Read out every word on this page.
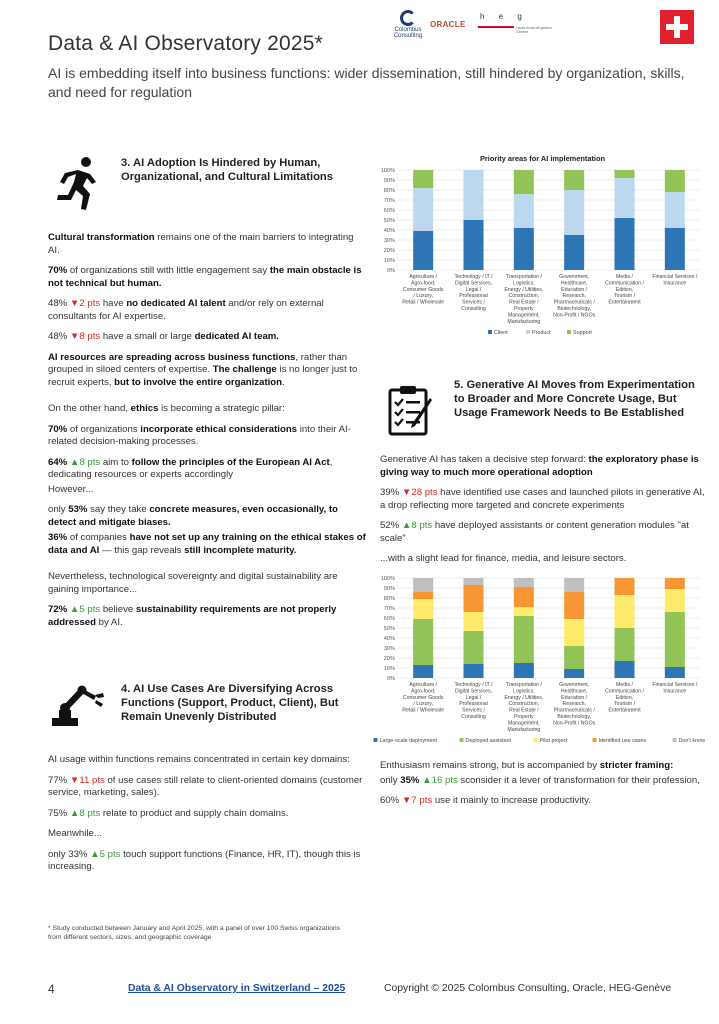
Colombus
Consulting
ORACLE
h e g
Haute école de gestion Genève
Data & AI Observatory 2025*
AI is embedding itself into business functions: wider dissemination, still hindered by organization, skills, and need for regulation
3. AI Adoption Is Hindered by Human,
Organizational, and Cultural Limitations

Cultural transformation remains one of the main barriers to integrating AI.

70% of organizations still with little engagement say the main obstacle is not technical but human.

48% ▼2 pts have no dedicated AI talent and/or rely on external consultants for AI expertise.

48% ▼8 pts have a small or large dedicated AI team.

AI resources are spreading across business functions, rather than grouped in siloed centers of expertise. The challenge is no longer just to recruit experts, but to involve the entire organization.

On the other hand, ethics is becoming a strategic pillar:

70% of organizations incorporate ethical considerations into their AI-related decision-making processes.

64% ▲8 pts aim to follow the principles of the European AI Act, dedicating resources or experts accordingly

However...

only 53% say they take concrete measures, even occasionally, to detect and mitigate biases.

36% of companies have not set up any training on the ethical stakes of data and AI — this gap reveals still incomplete maturity.

Nevertheless, technological sovereignty and digital sustainability are gaining importance...

72% ▲5 pts believe sustainability requirements are not properly addressed by AI.

4. AI Use Cases Are Diversifying Across
Functions (Support, Product, Client), But
Remain Unevenly Distributed

AI usage within functions remains concentrated in certain key domains:

77% ▼11 pts of use cases still relate to client-oriented domains (customer service, marketing, sales).

75% ▲8 pts relate to product and supply chain domains.

Meanwhile...

only 33% ▲5 pts touch support functions (Finance, HR, IT), though this is increasing.

Priority areas for AI implementation
0%
10%
20%
30%
40%
50%
60%
70%
80%
90%
100%
Agriculture /
Agro-food,
Consumer Goods
/ Luxury,
Retail / Wholesale
Technology / IT /
Digital Services,
Legal /
Professional
Services /
Consulting
Transportation /
Logistics,
Energy / Utilities,
Construction,
Real Estate /
Property
Management,
Manufacturing
Government,
Healthcare,
Education /
Research,
Pharmaceuticals /
Biotechnology,
Non-Profit / NGOs
Media /
Communication /
Edition,
Tourism /
Entertainment
Financial Services /
Insurance
Client	Product	Support
5. Generative AI Moves from Experimentation
to Broader and More Concrete Usage, But
Usage Framework Needs to Be Established

Generative AI has taken a decisive step forward: the exploratory phase is giving way to much more operational adoption

39% ▼28 pts have identified use cases and launched pilots in generative AI, a drop reflecting more targeted and concrete experiments

52% ▲8 pts have deployed assistants or content generation modules "at scale"

...with a slight lead for finance, media, and leisure sectors.

0%
10%
20%
30%
40%
50%
60%
70%
80%
90%
100%
Agriculture /
Agro-food,
Consumer Goods
/ Luxury,
Retail / Wholesale
Technology / IT /
Digital Services,
Legal /
Professional
Services /
Consulting
Transportation /
Logistics,
Energy / Utilities,
Construction,
Real Estate /
Property
Management,
Manufacturing
Government,
Healthcare,
Education /
Research,
Pharmaceuticals /
Biotechnology,
Non-Profit / NGOs
Media /
Communication /
Edition,
Tourism /
Entertainment
Financial Services /
Insurance
Large-scale deployment	Deployed assistant	Pilot project	Identified use cases	Don't know

Enthusiasm remains strong, but is accompanied by stricter framing:

only 35% ▲16 pts sconsider it a lever of transformation for their profession,

60% ▼7 pts use it mainly to increase productivity.

* Study conducted between January and April 2025, with a panel of over 100 Swiss organizations from different sectors, sizes, and geographic coverage
4	Data & AI Observatory in Switzerland – 2025	Copyright © 2025 Colombus Consulting, Oracle, HEG-Genève
